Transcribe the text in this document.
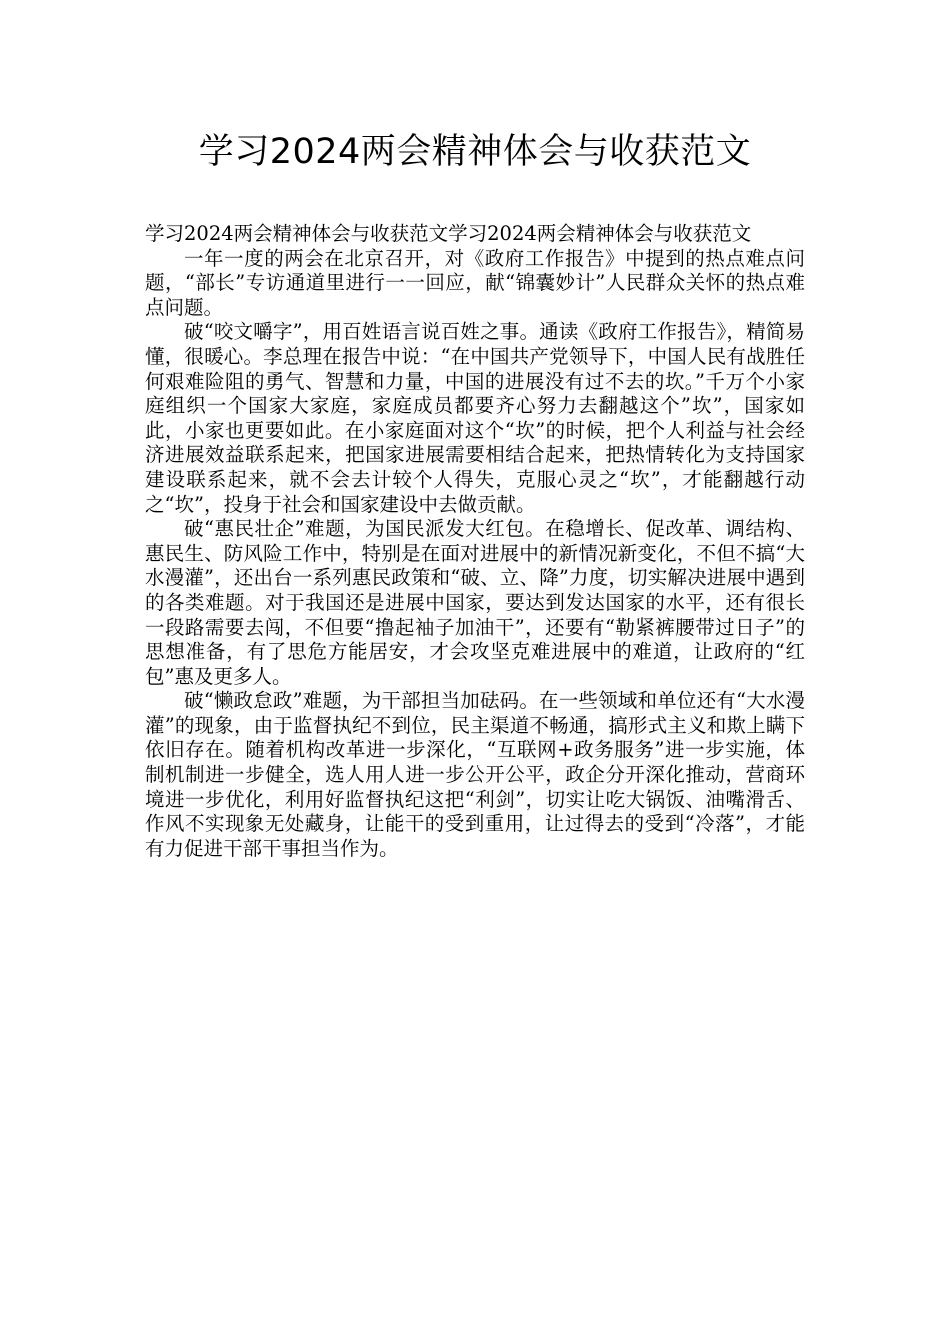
学习2024两会精神体会与收获范文

学习2024两会精神体会与收获范文学习2024两会精神体会与收获范文

一年一度的两会在北京召开，对《政府工作报告》中提到的热点难点问题，“部长”专访通道里进行一一回应，献“锦囊妙计”人民群众关怀的热点难点问题。

破“咬文嚼字”，用百姓语言说百姓之事。通读《政府工作报告》，精简易懂，很暖心。李总理在报告中说：“在中国共产党领导下，中国人民有战胜任何艰难险阻的勇气、智慧和力量，中国的进展没有过不去的坎。”千万个小家庭组织一个国家大家庭，家庭成员都要齐心努力去翻越这个”坎”，国家如此，小家也更要如此。在小家庭面对这个“坎”的时候，把个人利益与社会经济进展效益联系起来，把国家进展需要相结合起来，把热情转化为支持国家建设联系起来，就不会去计较个人得失，克服心灵之“坎”，才能翻越行动之“坎”，投身于社会和国家建设中去做贡献。

破“惠民壮企”难题，为国民派发大红包。在稳增长、促改革、调结构、惠民生、防风险工作中，特别是在面对进展中的新情况新变化，不但不搞“大水漫灌”，还出台一系列惠民政策和“破、立、降”力度，切实解决进展中遇到的各类难题。对于我国还是进展中国家，要达到发达国家的水平，还有很长一段路需要去闯，不但要“撸起袖子加油干”，还要有“勒紧裤腰带过日子”的思想准备，有了思危方能居安，才会攻坚克难进展中的难道，让政府的“红包”惠及更多人。

破“懒政怠政”难题，为干部担当加砝码。在一些领域和单位还有“大水漫灌”的现象，由于监督执纪不到位，民主渠道不畅通，搞形式主义和欺上瞒下依旧存在。随着机构改革进一步深化，“互联网+政务服务”进一步实施，体制机制进一步健全，选人用人进一步公开公平，政企分开深化推动，营商环境进一步优化，利用好监督执纪这把“利剑”，切实让吃大锅饭、油嘴滑舌、作风不实现象无处藏身，让能干的受到重用，让过得去的受到“冷落”，才能有力促进干部干事担当作为。
